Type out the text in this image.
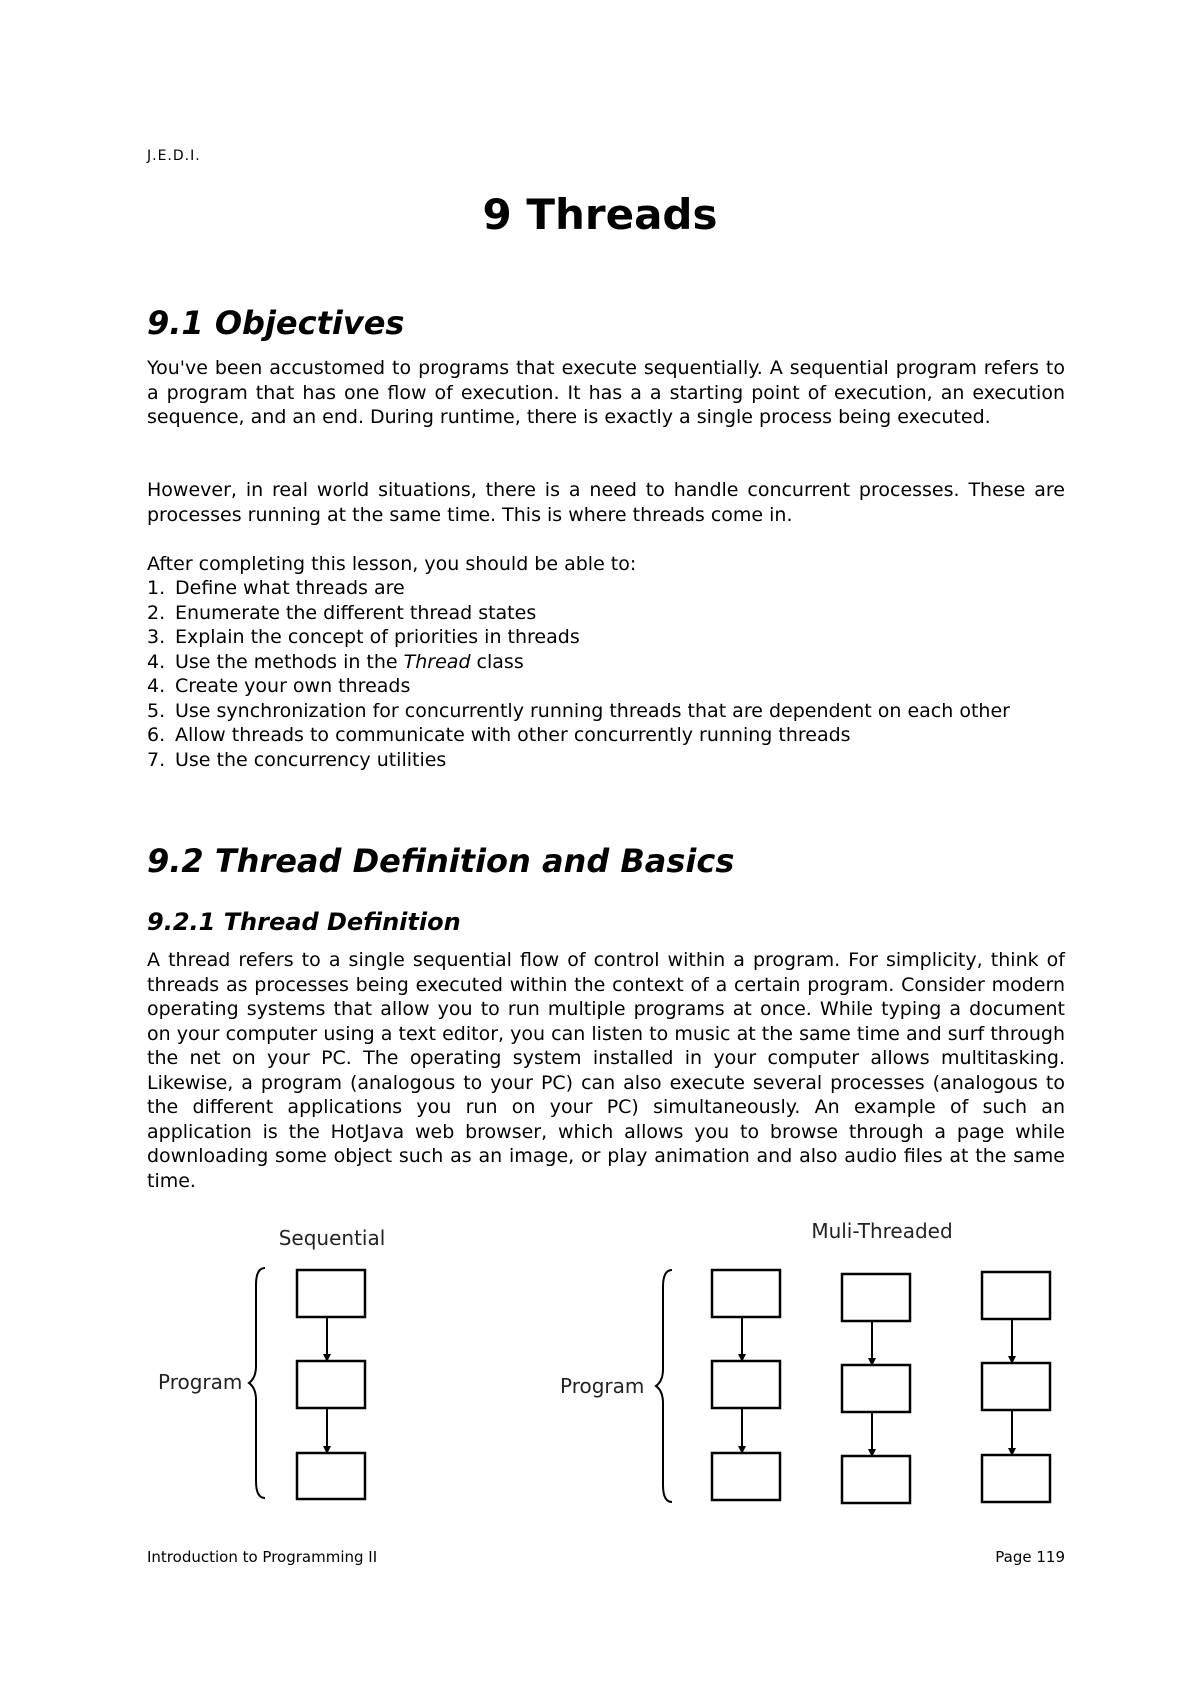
J.E.D.I.
9 Threads
9.1 Objectives

You've been accustomed to programs that execute sequentially. A sequential program refers to a program that has one flow of execution. It has a a starting point of execution, an execution sequence, and an end. During runtime, there is exactly a single process being executed.

However, in real world situations, there is a need to handle concurrent processes. These are processes running at the same time. This is where threads come in.

After completing this lesson, you should be able to:

1. Define what threads are
2. Enumerate the different thread states
3. Explain the concept of priorities in threads
4. Use the methods in the Thread class
4. Create your own threads
5. Use synchronization for concurrently running threads that are dependent on each other
6. Allow threads to communicate with other concurrently running threads
7. Use the concurrency utilities
9.2 Thread Definition and Basics
9.2.1 Thread Definition

A thread refers to a single sequential flow of control within a program. For simplicity, think of threads as processes being executed within the context of a certain program. Consider modern operating systems that allow you to run multiple programs at once. While typing a document on your computer using a text editor, you can listen to music at the same time and surf through the net on your PC. The operating system installed in your computer allows multitasking. Likewise, a program (analogous to your PC) can also execute several processes (analogous to the different applications you run on your PC) simultaneously. An example of such an application is the HotJava web browser, which allows you to browse through a page while downloading some object such as an image, or play animation and also audio files at the same time.

Sequential	Muli-Threaded
Program	Program
Introduction to Programming II	Page 119
